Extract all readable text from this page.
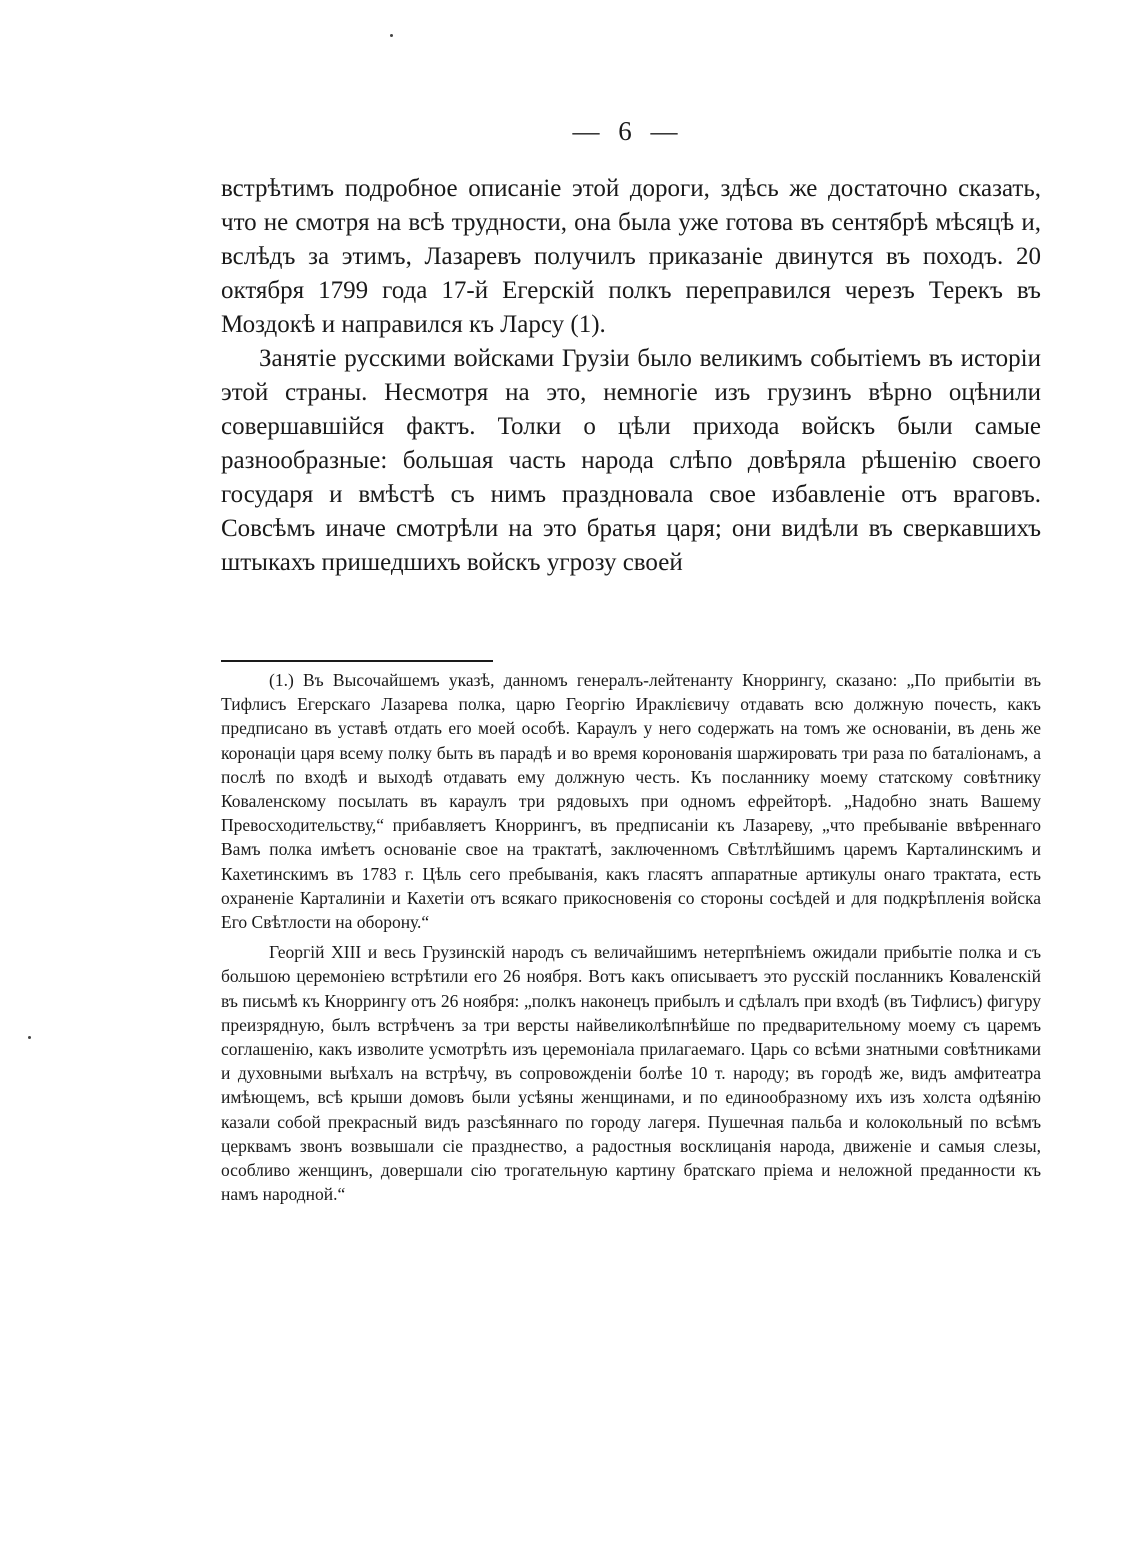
— 6 —

встрѣтимъ подробное описаніе этой дороги, здѣсь же достаточно сказать, что не смотря на всѣ трудности, она была уже готова въ сентябрѣ мѣсяцѣ и, вслѣдъ за этимъ, Лазаревъ получилъ приказаніе двинутся въ походъ. 20 октября 1799 года 17-й Егерскій полкъ переправился черезъ Терекъ въ Моздокѣ и направился къ Ларсу (1).

Занятіе русскими войсками Грузіи было великимъ событіемъ въ исторіи этой страны. Несмотря на это, немногіе изъ грузинъ вѣрно оцѣнили совершавшійся фактъ. Толки о цѣли прихода войскъ были самые разнообразные: большая часть народа слѣпо довѣряла рѣшенію своего государя и вмѣстѣ съ нимъ праздновала свое избавленіе отъ враговъ. Совсѣмъ иначе смотрѣли на это братья царя; они видѣли въ сверкавшихъ штыкахъ пришедшихъ войскъ угрозу своей

(1.) Въ Высочайшемъ указѣ, данномъ генералъ-лейтенанту Кноррингу, сказано: „По прибытіи въ Тифлисъ Егерскаго Лазарева полка, царю Георгію Ираклієвичу отдавать всю должную почесть, какъ предписано въ уставѣ отдать его моей особѣ. Караулъ у него содержать на томъ же основаніи, въ день же коронаціи царя всему полку быть въ парадѣ и во время коронованія шаржировать три раза по баталіонамъ, а послѣ по входѣ и выходѣ отдавать ему должную честь. Къ посланнику моему статскому совѣтнику Коваленскому посылать въ караулъ три рядовыхъ при одномъ ефрейторѣ. „Надобно знать Вашему Превосходительству,“ прибавляетъ Кноррингъ, въ предписаніи къ Лазареву, „что пребываніе ввѣреннаго Вамъ полка имѣетъ основаніе свое на трактатѣ, заключенномъ Свѣтлѣйшимъ царемъ Карталинскимъ и Кахетинскимъ въ 1783 г. Цѣль сего пребыванія, какъ гласятъ аппаратные артикулы онаго трактата, есть охраненіе Карталиніи и Кахетіи отъ всякаго прикосновенія со стороны сосѣдей и для подкрѣпленія войска Его Свѣтлости на оборону.“

Георгій XIII и весь Грузинскій народъ съ величайшимъ нетерпѣніемъ ожидали прибытіе полка и съ большою церемоніею встрѣтили его 26 ноября. Вотъ какъ описываетъ это русскій посланникъ Коваленскій въ письмѣ къ Кноррингу отъ 26 ноября: „полкъ наконецъ прибылъ и сдѣлалъ при входѣ (въ Тифлисъ) фигуру преизрядную, былъ встрѣченъ за три версты найвеликолѣпнѣйше по предварительному моему съ царемъ соглашенію, какъ изволите усмотрѣть изъ церемоніала прилагаемаго. Царь со всѣми знатными совѣтниками и духовными выѣхалъ на встрѣчу, въ сопровожденіи болѣе 10 т. народу; въ городѣ же, видъ амфитеатра имѣющемъ, всѣ крыши домовъ были усѣяны женщинами, и по единообразному ихъ изъ холста одѣянію казали собой прекрасный видъ разсѣяннаго по городу лагеря. Пушечная пальба и колокольный по всѣмъ церквамъ звонъ возвышали сіе празднество, а радостныя восклицанія народа, движеніе и самыя слезы, особливо женщинъ, довершали сію трогательную картину братскаго пріема и неложной преданности къ намъ народной.“
